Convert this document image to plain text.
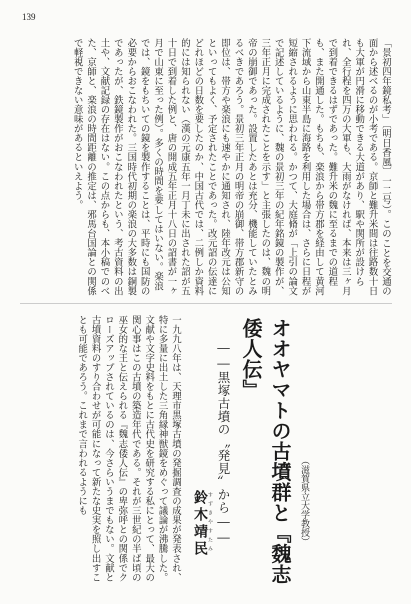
139
「景初四年鏡私考」〔明日香風〕一二号）。このことを交通の面から述べるのが小考である。京師と難升米間は往路数十日も大軍が円滑に移動できる大道があり、駅や関所が設けられ、全行程を四万の大軍も、大雨がなければ、本来は三ヶ月で到着できるはずであった。難升米の魏に至るまでの道程も、また開通した。もちも、楽浪から帯方郡を経由して黄河下流域から山東半島に海路を利用した場合は、さらに日程が短縮されるように思われる。かつて、大庭脩が「上引の論文で記述しているように、魏の景初三年の紀年銘鏡の製作が、三年正月に完成されたことを示す」と主張したのは、魏の明帝の崩御であった。設置したあとは充分、機能していたとみるべきであろう。景初三年正月の明帝の崩御、帯方郡新守の即位は、帯方や楽浪にも速やかに通知され、陸年改元は公知といってもよく、予定されたことであった。改元詔の伝達にどれほどの日数を要したのか、中国古代では、二例しか資料的には知られない（漢の元康五年一月丁未に出された詔が五十日で到着した例と、唐の開成五年正月十八日の詔書が一ヶ月で山東に至った例）。多くの時間を要してはいない。楽浪では、鏡をもちいての鏡を製作することは、平時にも国防の必要からおこなわれた。三国時代初期の楽浪の大多数は銅製であったが、鉄鏡製作がおこなわれたという、考古資料の出土や、文献記録の存在はない。この点からも、本小稿でのべた、京師と、楽浪の時間距離の推定は、邪馬台国論との関係で軽視できない意味があるといえよう。
（滋賀県立大学教授）
オオヤマトの古墳群と『魏志倭人伝』
――黒塚古墳の〝発見〟から――
すずきやすたみ
鈴木靖民
一九九八年は、天理市黒塚古墳の発掘調査の成果が発表され、特に多量に出土した三角縁神獣鏡をめぐって議論が沸騰した。文献や文字史料をもとに古代史を研究する私にとって、最大の関心事はこの古墳の築造年代である。それが三世紀の半ば頃の巫女的な王と伝えられる『魏志倭人伝』の卑弥呼との関係でクローズアップされているのは、今さらいうまでもない。文献と古墳資料のすり合わせが可能になって新たな史実を照し出すことも可能であろう。これまで言われるようにも
